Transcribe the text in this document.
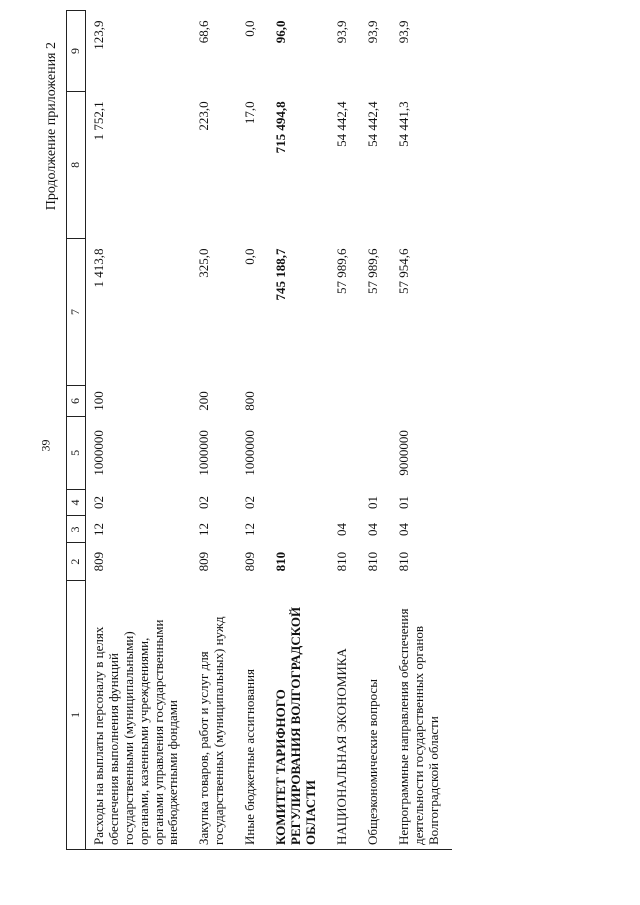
39
Продолжение приложения 2
1	2	3	4	5	6	7	8	9
Расходы на выплаты персоналу в целях обеспечения выполнения функций государственными (муниципальными) органами, казенными учреждениями, органами управления государственными внебюджетными фондами	809	12	02	1000000	100	1 413,8	1 752,1	123,9
Закупка товаров, работ и услуг для государственных (муниципальных) нужд	809	12	02	1000000	200	325,0	223,0	68,6
Иные бюджетные ассигнования	809	12	02	1000000	800	0,0	17,0	0,0
КОМИТЕТ ТАРИФНОГО РЕГУЛИРОВАНИЯ ВОЛГОГРАДСКОЙ ОБЛАСТИ	810					745 188,7	715 494,8	96,0
НАЦИОНАЛЬНАЯ ЭКОНОМИКА	810	04				57 989,6	54 442,4	93,9
Общеэкономические вопросы	810	04	01			57 989,6	54 442,4	93,9
Непрограммные направления обеспечения деятельности государственных органов Волгоградской области	810	04	01	9000000		57 954,6	54 441,3	93,9
